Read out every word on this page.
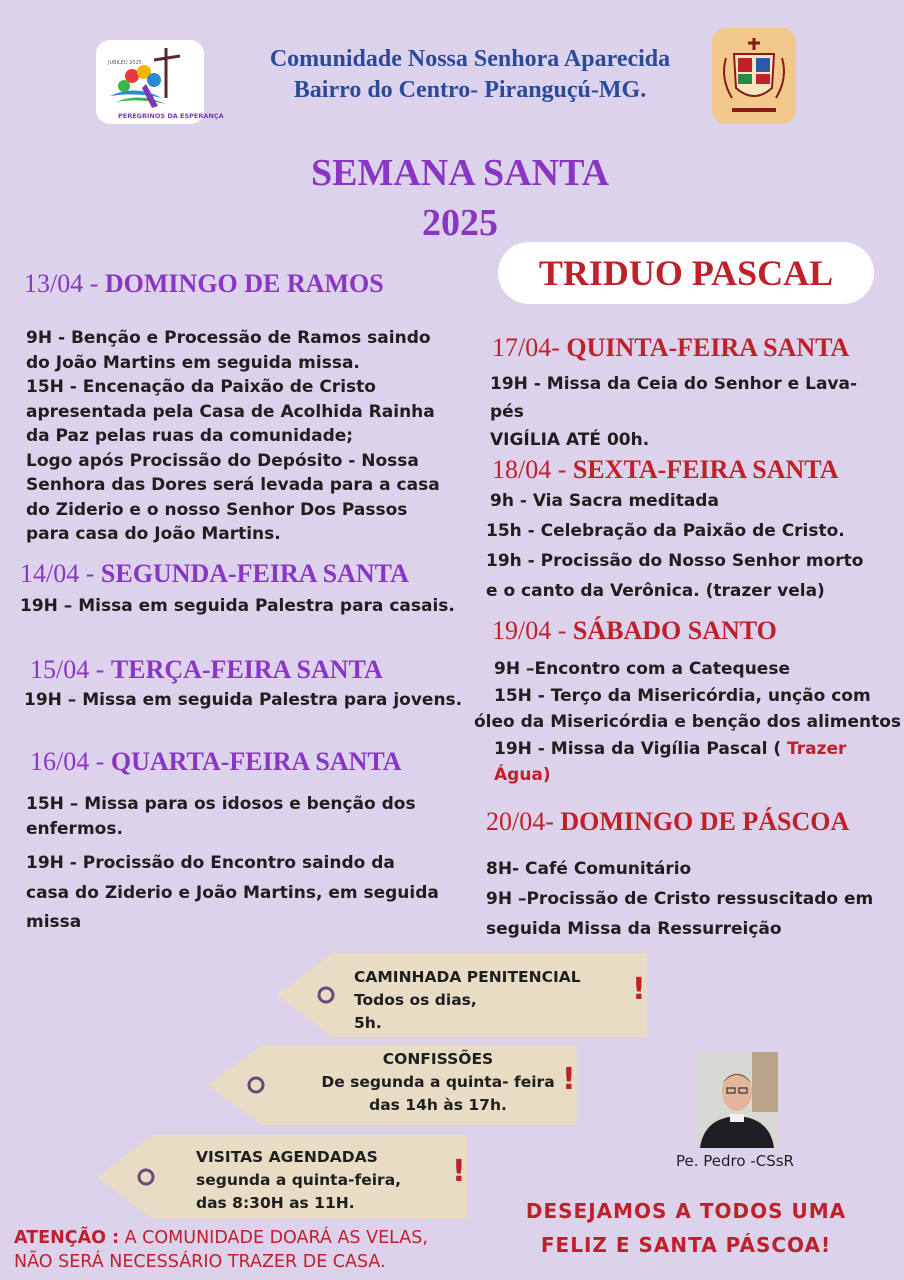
JUBILEU 2025
PEREGRINOS DA ESPERANÇA
Comunidade Nossa Senhora Aparecida
Bairro do Centro- Piranguçú-MG.
SEMANA SANTA
2025
TRIDUO PASCAL
13/04 - DOMINGO DE RAMOS

9H - Benção e Processão de Ramos saindo

do João Martins em seguida missa.

15H - Encenação da Paixão de Cristo

apresentada pela Casa de Acolhida Rainha

da Paz pelas ruas da comunidade;

Logo após Procissão do Depósito - Nossa

Senhora das Dores será levada para a casa

do Ziderio e o nosso Senhor Dos Passos

para casa do João Martins.

14/04 - SEGUNDA-FEIRA SANTA

19H – Missa em seguida Palestra para casais.

15/04 - TERÇA-FEIRA SANTA

19H – Missa em seguida Palestra para jovens.

16/04 - QUARTA-FEIRA SANTA

15H – Missa para os idosos e benção dos

enfermos.

19H - Procissão do Encontro saindo da

casa do Ziderio e João Martins, em seguida

missa

17/04- QUINTA-FEIRA SANTA

19H - Missa da Ceia do Senhor e Lava-pés

VIGÍLIA ATÉ 00h.

18/04 - SEXTA-FEIRA SANTA

9h - Via Sacra meditada

15h - Celebração da Paixão de Cristo.

19h - Procissão do Nosso Senhor morto

e o canto da Verônica. (trazer vela)

19/04 - SÁBADO SANTO

9H –Encontro com a Catequese

15H - Terço da Misericórdia, unção com

óleo da Misericórdia e benção dos alimentos

19H - Missa da Vigília Pascal ( Trazer Água)

20/04- DOMINGO DE PÁSCOA

8H- Café Comunitário

9H –Procissão de Cristo ressuscitado em

seguida Missa da Ressurreição

CAMINHADA PENITENCIAL
Todos os dias,
5h.
!
CONFISSÕES
De segunda a quinta- feira
das 14h às 17h.
!
VISITAS AGENDADAS
segunda a quinta-feira,
das 8:30H as 11H.
!	Pe. Pedro -CSsR
ATENÇÃO : A COMUNIDADE DOARÁ AS VELAS,
NÃO SERÁ NECESSÁRIO TRAZER DE CASA.
DESEJAMOS A TODOS UMA
FELIZ E SANTA PÁSCOA!
